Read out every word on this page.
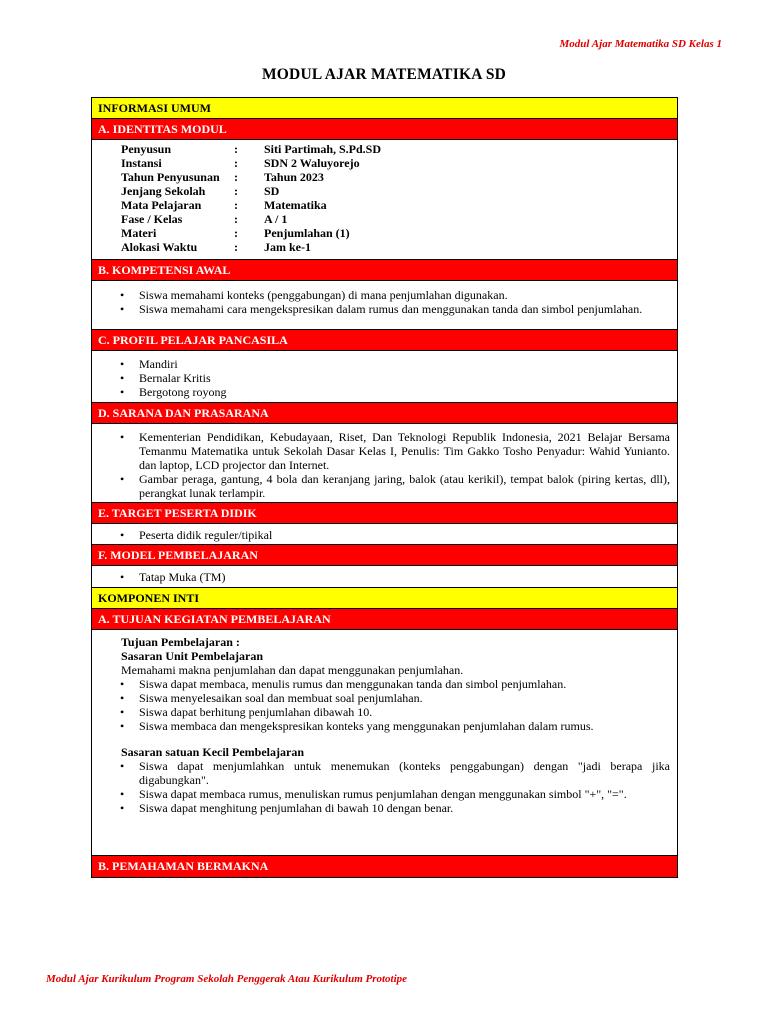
Modul Ajar Matematika SD Kelas 1
MODUL AJAR MATEMATIKA SD
INFORMASI UMUM
A. IDENTITAS MODUL
Penyusun	:	Siti Partimah, S.Pd.SD
Instansi	:	SDN 2 Waluyorejo
Tahun Penyusunan	:	Tahun 2023
Jenjang Sekolah	:	SD
Mata Pelajaran	:	Matematika
Fase / Kelas	:	A / 1
Materi	:	Penjumlahan (1)
Alokasi Waktu	:	Jam ke-1
B. KOMPETENSI AWAL
• Siswa memahami konteks (penggabungan) di mana penjumlahan digunakan.
• Siswa memahami cara mengekspresikan dalam rumus dan menggunakan tanda dan simbol penjumlahan.
C. PROFIL PELAJAR PANCASILA
• Mandiri
• Bernalar Kritis
• Bergotong royong
D. SARANA DAN PRASARANA
• Kementerian Pendidikan, Kebudayaan, Riset, Dan Teknologi Republik Indonesia, 2021 Belajar Bersama Temanmu Matematika untuk Sekolah Dasar Kelas I, Penulis: Tim Gakko Tosho Penyadur: Wahid Yunianto. dan laptop, LCD projector dan Internet.
• Gambar peraga, gantung, 4 bola dan keranjang jaring, balok (atau kerikil), tempat balok (piring kertas, dll), perangkat lunak terlampir.
E. TARGET PESERTA DIDIK
• Peserta didik reguler/tipikal
F. MODEL PEMBELAJARAN
• Tatap Muka (TM)
KOMPONEN INTI
A. TUJUAN KEGIATAN PEMBELAJARAN
Tujuan Pembelajaran :
Sasaran Unit Pembelajaran
Memahami makna penjumlahan dan dapat menggunakan penjumlahan.
• Siswa dapat membaca, menulis rumus dan menggunakan tanda dan simbol penjumlahan.
• Siswa menyelesaikan soal dan membuat soal penjumlahan.
• Siswa dapat berhitung penjumlahan dibawah 10.
• Siswa membaca dan mengekspresikan konteks yang menggunakan penjumlahan dalam rumus.
Sasaran satuan Kecil Pembelajaran
• Siswa dapat menjumlahkan untuk menemukan (konteks penggabungan) dengan "jadi berapa jika digabungkan".
• Siswa dapat membaca rumus, menuliskan rumus penjumlahan dengan menggunakan simbol "+", "=".
• Siswa dapat menghitung penjumlahan di bawah 10 dengan benar.
B. PEMAHAMAN BERMAKNA
Modul Ajar Kurikulum Program Sekolah Penggerak Atau Kurikulum Prototipe
